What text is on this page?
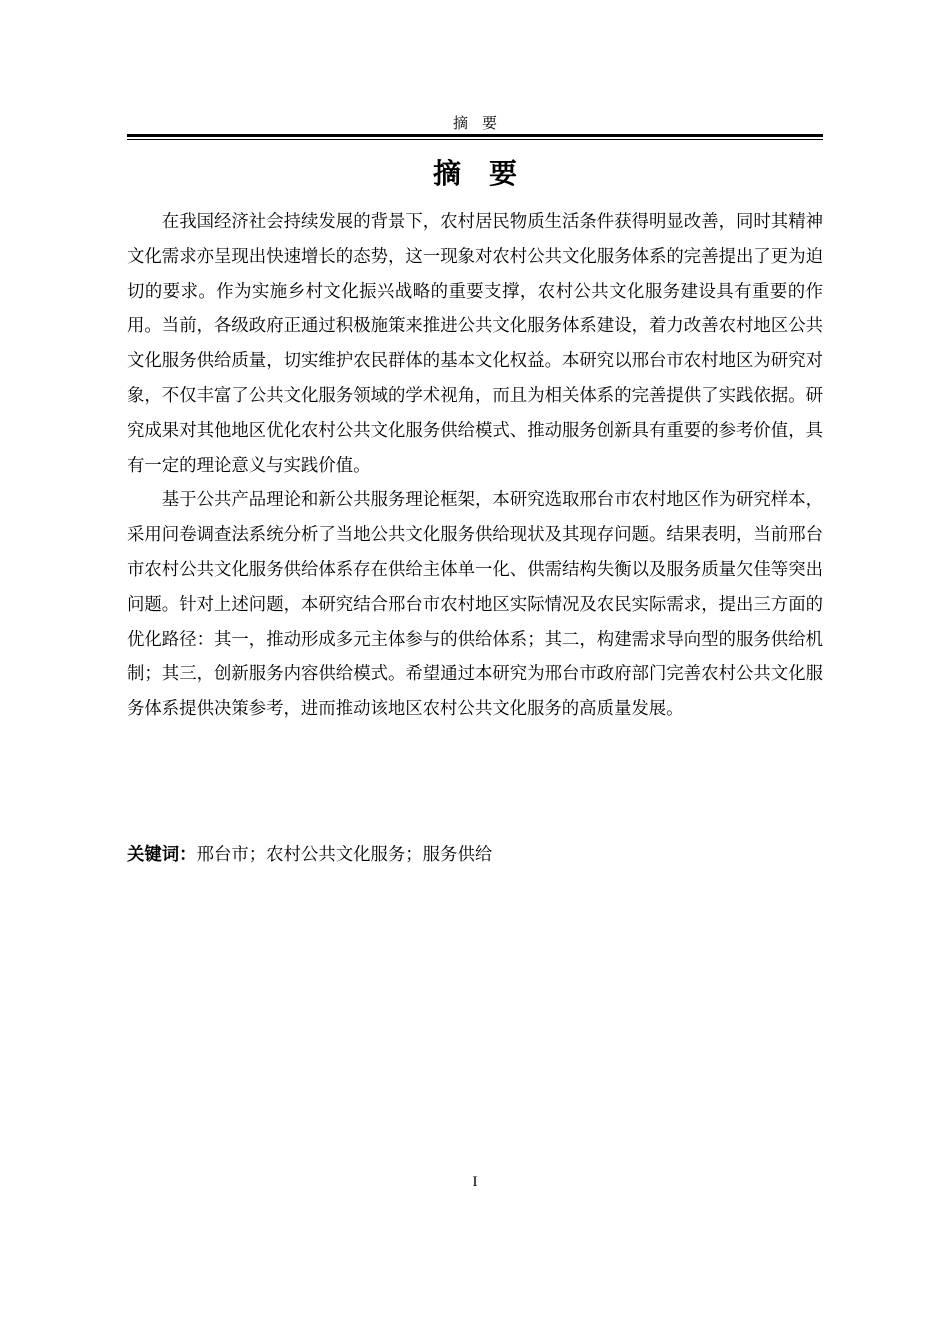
摘要
摘要

在我国经济社会持续发展的背景下，农村居民物质生活条件获得明显改善，同时其精神文化需求亦呈现出快速增长的态势，这一现象对农村公共文化服务体系的完善提出了更为迫切的要求。作为实施乡村文化振兴战略的重要支撑，农村公共文化服务建设具有重要的作用。当前，各级政府正通过积极施策来推进公共文化服务体系建设，着力改善农村地区公共文化服务供给质量，切实维护农民群体的基本文化权益。本研究以邢台市农村地区为研究对象，不仅丰富了公共文化服务领域的学术视角，而且为相关体系的完善提供了实践依据。研究成果对其他地区优化农村公共文化服务供给模式、推动服务创新具有重要的参考价值，具有一定的理论意义与实践价值。

基于公共产品理论和新公共服务理论框架，本研究选取邢台市农村地区作为研究样本，采用问卷调查法系统分析了当地公共文化服务供给现状及其现存问题。结果表明，当前邢台市农村公共文化服务供给体系存在供给主体单一化、供需结构失衡以及服务质量欠佳等突出问题。针对上述问题，本研究结合邢台市农村地区实际情况及农民实际需求，提出三方面的优化路径：其一，推动形成多元主体参与的供给体系；其二，构建需求导向型的服务供给机制；其三，创新服务内容供给模式。希望通过本研究为邢台市政府部门完善农村公共文化服务体系提供决策参考，进而推动该地区农村公共文化服务的高质量发展。

关键词：邢台市；农村公共文化服务；服务供给
I
